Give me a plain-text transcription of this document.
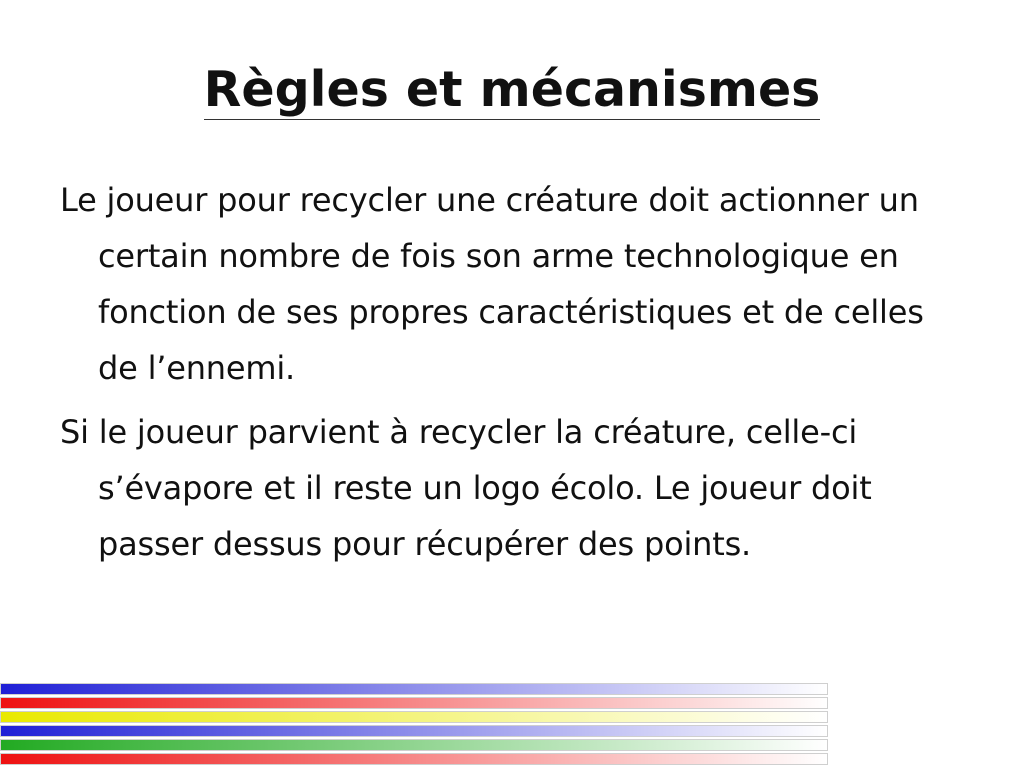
Règles et mécanismes

Le joueur pour recycler une créature doit actionner un certain nombre de fois son arme technologique en fonction de ses propres caractéristiques et de celles de l’ennemi.

Si le joueur parvient à recycler la créature, celle-ci s’évapore et il reste un logo écolo. Le joueur doit passer dessus pour récupérer des points.
